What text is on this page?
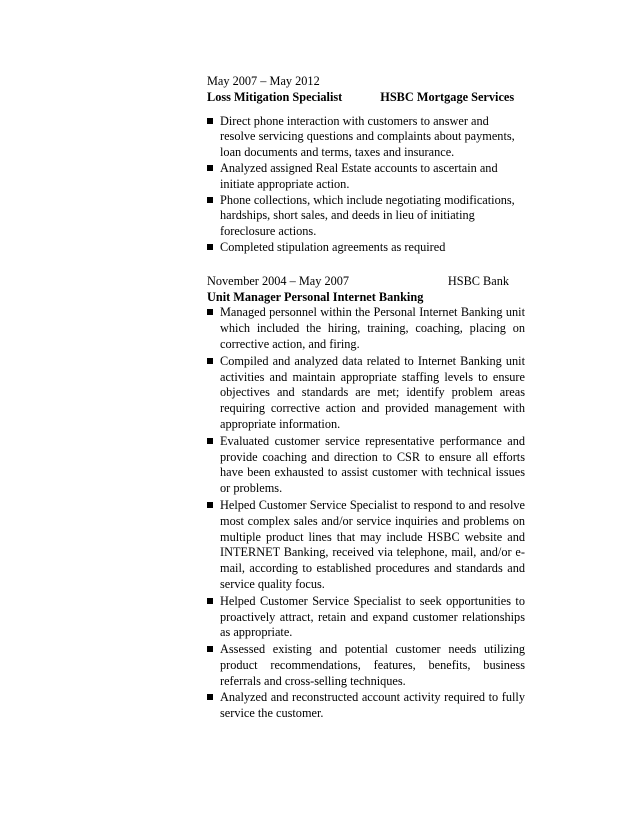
May 2007 – May 2012
Loss Mitigation Specialist	HSBC Mortgage Services
Direct phone interaction with customers to answer and resolve servicing questions and complaints about payments, loan documents and terms, taxes and insurance.
Analyzed assigned Real Estate accounts to ascertain and initiate appropriate action.
Phone collections, which include negotiating modifications, hardships, short sales, and deeds in lieu of initiating foreclosure actions.
Completed stipulation agreements as required
November 2004 – May 2007	HSBC Bank
Unit Manager Personal Internet Banking
Managed personnel within the Personal Internet Banking unit which included the hiring, training, coaching, placing on corrective action, and firing.
Compiled and analyzed data related to Internet Banking unit activities and maintain appropriate staffing levels to ensure objectives and standards are met; identify problem areas requiring corrective action and provided management with appropriate information.
Evaluated customer service representative performance and provide coaching and direction to CSR to ensure all efforts have been exhausted to assist customer with technical issues or problems.
Helped Customer Service Specialist to respond to and resolve most complex sales and/or service inquiries and problems on multiple product lines that may include HSBC website and INTERNET Banking, received via telephone, mail, and/or e-mail, according to established procedures and standards and service quality focus.
Helped Customer Service Specialist to seek opportunities to proactively attract, retain and expand customer relationships as appropriate.
Assessed existing and potential customer needs utilizing product recommendations, features, benefits, business referrals and cross-selling techniques.
Analyzed and reconstructed account activity required to fully service the customer.
